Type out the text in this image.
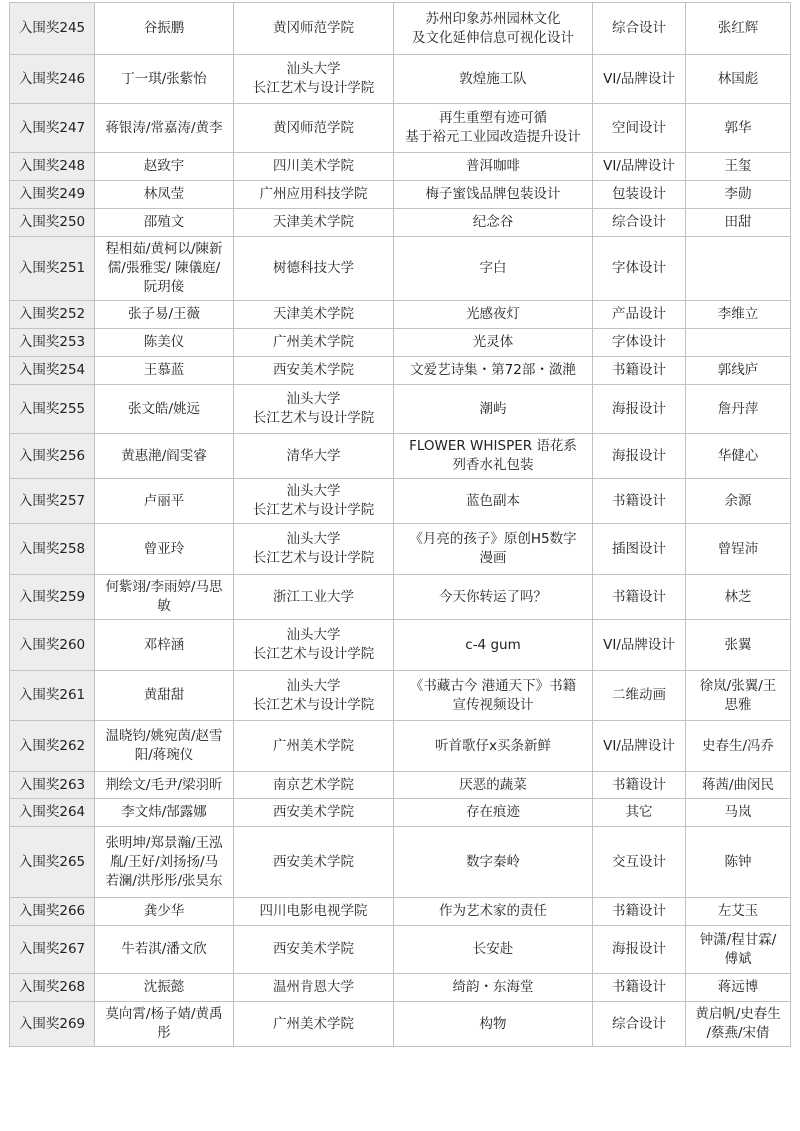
入围奖245	谷振鹏	黄冈师范学院	苏州印象苏州园林文化
及文化延伸信息可视化设计	综合设计	张红辉

入围奖246	丁一琪/张紫怡	汕头大学
长江艺术与设计学院	敦煌施工队	VI/品牌设计	林国彪

入围奖247	蒋银涛/常嘉涛/黄李	黄冈师范学院	再生重塑有迹可循
基于裕元工业园改造提升设计	空间设计	郭华

入围奖248	赵致宇	四川美术学院	普洱咖啡	VI/品牌设计	王玺

入围奖249	林凤莹	广州应用科技学院	梅子蜜饯品牌包装设计	包装设计	李勋

入围奖250	邵殖文	天津美术学院	纪念谷	综合设计	田甜

入围奖251	程相茹/黄柯以/陳新
儒/張雅雯/ 陳儀庭/
阮玥倿	树德科技大学	字白	字体设计	

入围奖252	张子易/王薇	天津美术学院	光感夜灯	产品设计	李维立

入围奖253	陈美仪	广州美术学院	光灵体	字体设计	

入围奖254	王慕蓝	西安美术学院	文爱艺诗集・第72部・潋滟	书籍设计	郭线庐

入围奖255	张文皓/姚远	汕头大学
长江艺术与设计学院	潮屿	海报设计	詹丹萍

入围奖256	黄惠滟/阎雯睿	清华大学	FLOWER WHISPER 语花系
列香水礼包装	海报设计	华健心

入围奖257	卢丽平	汕头大学
长江艺术与设计学院	蓝色副本	书籍设计	余源

入围奖258	曾亚玲	汕头大学
长江艺术与设计学院	《月亮的孩子》原创H5数字
漫画	插图设计	曾锃沛

入围奖259	何紫翊/李雨婷/马思
敏	浙江工业大学	今天你转运了吗？	书籍设计	林芝

入围奖260	邓梓涵	汕头大学
长江艺术与设计学院	c-4 gum	VI/品牌设计	张翼

入围奖261	黄甜甜	汕头大学
长江艺术与设计学院	《书藏古今 港通天下》书籍
宣传视频设计	二维动画	徐岚/张翼/王
思雅

入围奖262	温晓钧/姚宛茵/赵雪
阳/蒋琬仪	广州美术学院	听首歌仔x买条新鲜	VI/品牌设计	史春生/冯乔

入围奖263	荆绘文/毛尹/梁羽昕	南京艺术学院	厌恶的蔬菜	书籍设计	蒋茜/曲闵民

入围奖264	李文炜/郜露娜	西安美术学院	存在痕迹	其它	马岚

入围奖265	张明坤/郑景瀚/王泓
胤/王好/刘扬扬/马
若澜/洪彤彤/张昊东	西安美术学院	数字秦岭	交互设计	陈钟

入围奖266	龚少华	四川电影电视学院	作为艺术家的责任	书籍设计	左艾玉

入围奖267	牛若淇/潘文欣	西安美术学院	长安赴	海报设计	钟潇/程甘霖/
傅斌

入围奖268	沈振懿	温州肯恩大学	绮韵・东海堂	书籍设计	蒋远博

入围奖269	莫向霄/杨子婧/黄禹
彤	广州美术学院	构物	综合设计	黄启帆/史春生
/蔡燕/宋倩
